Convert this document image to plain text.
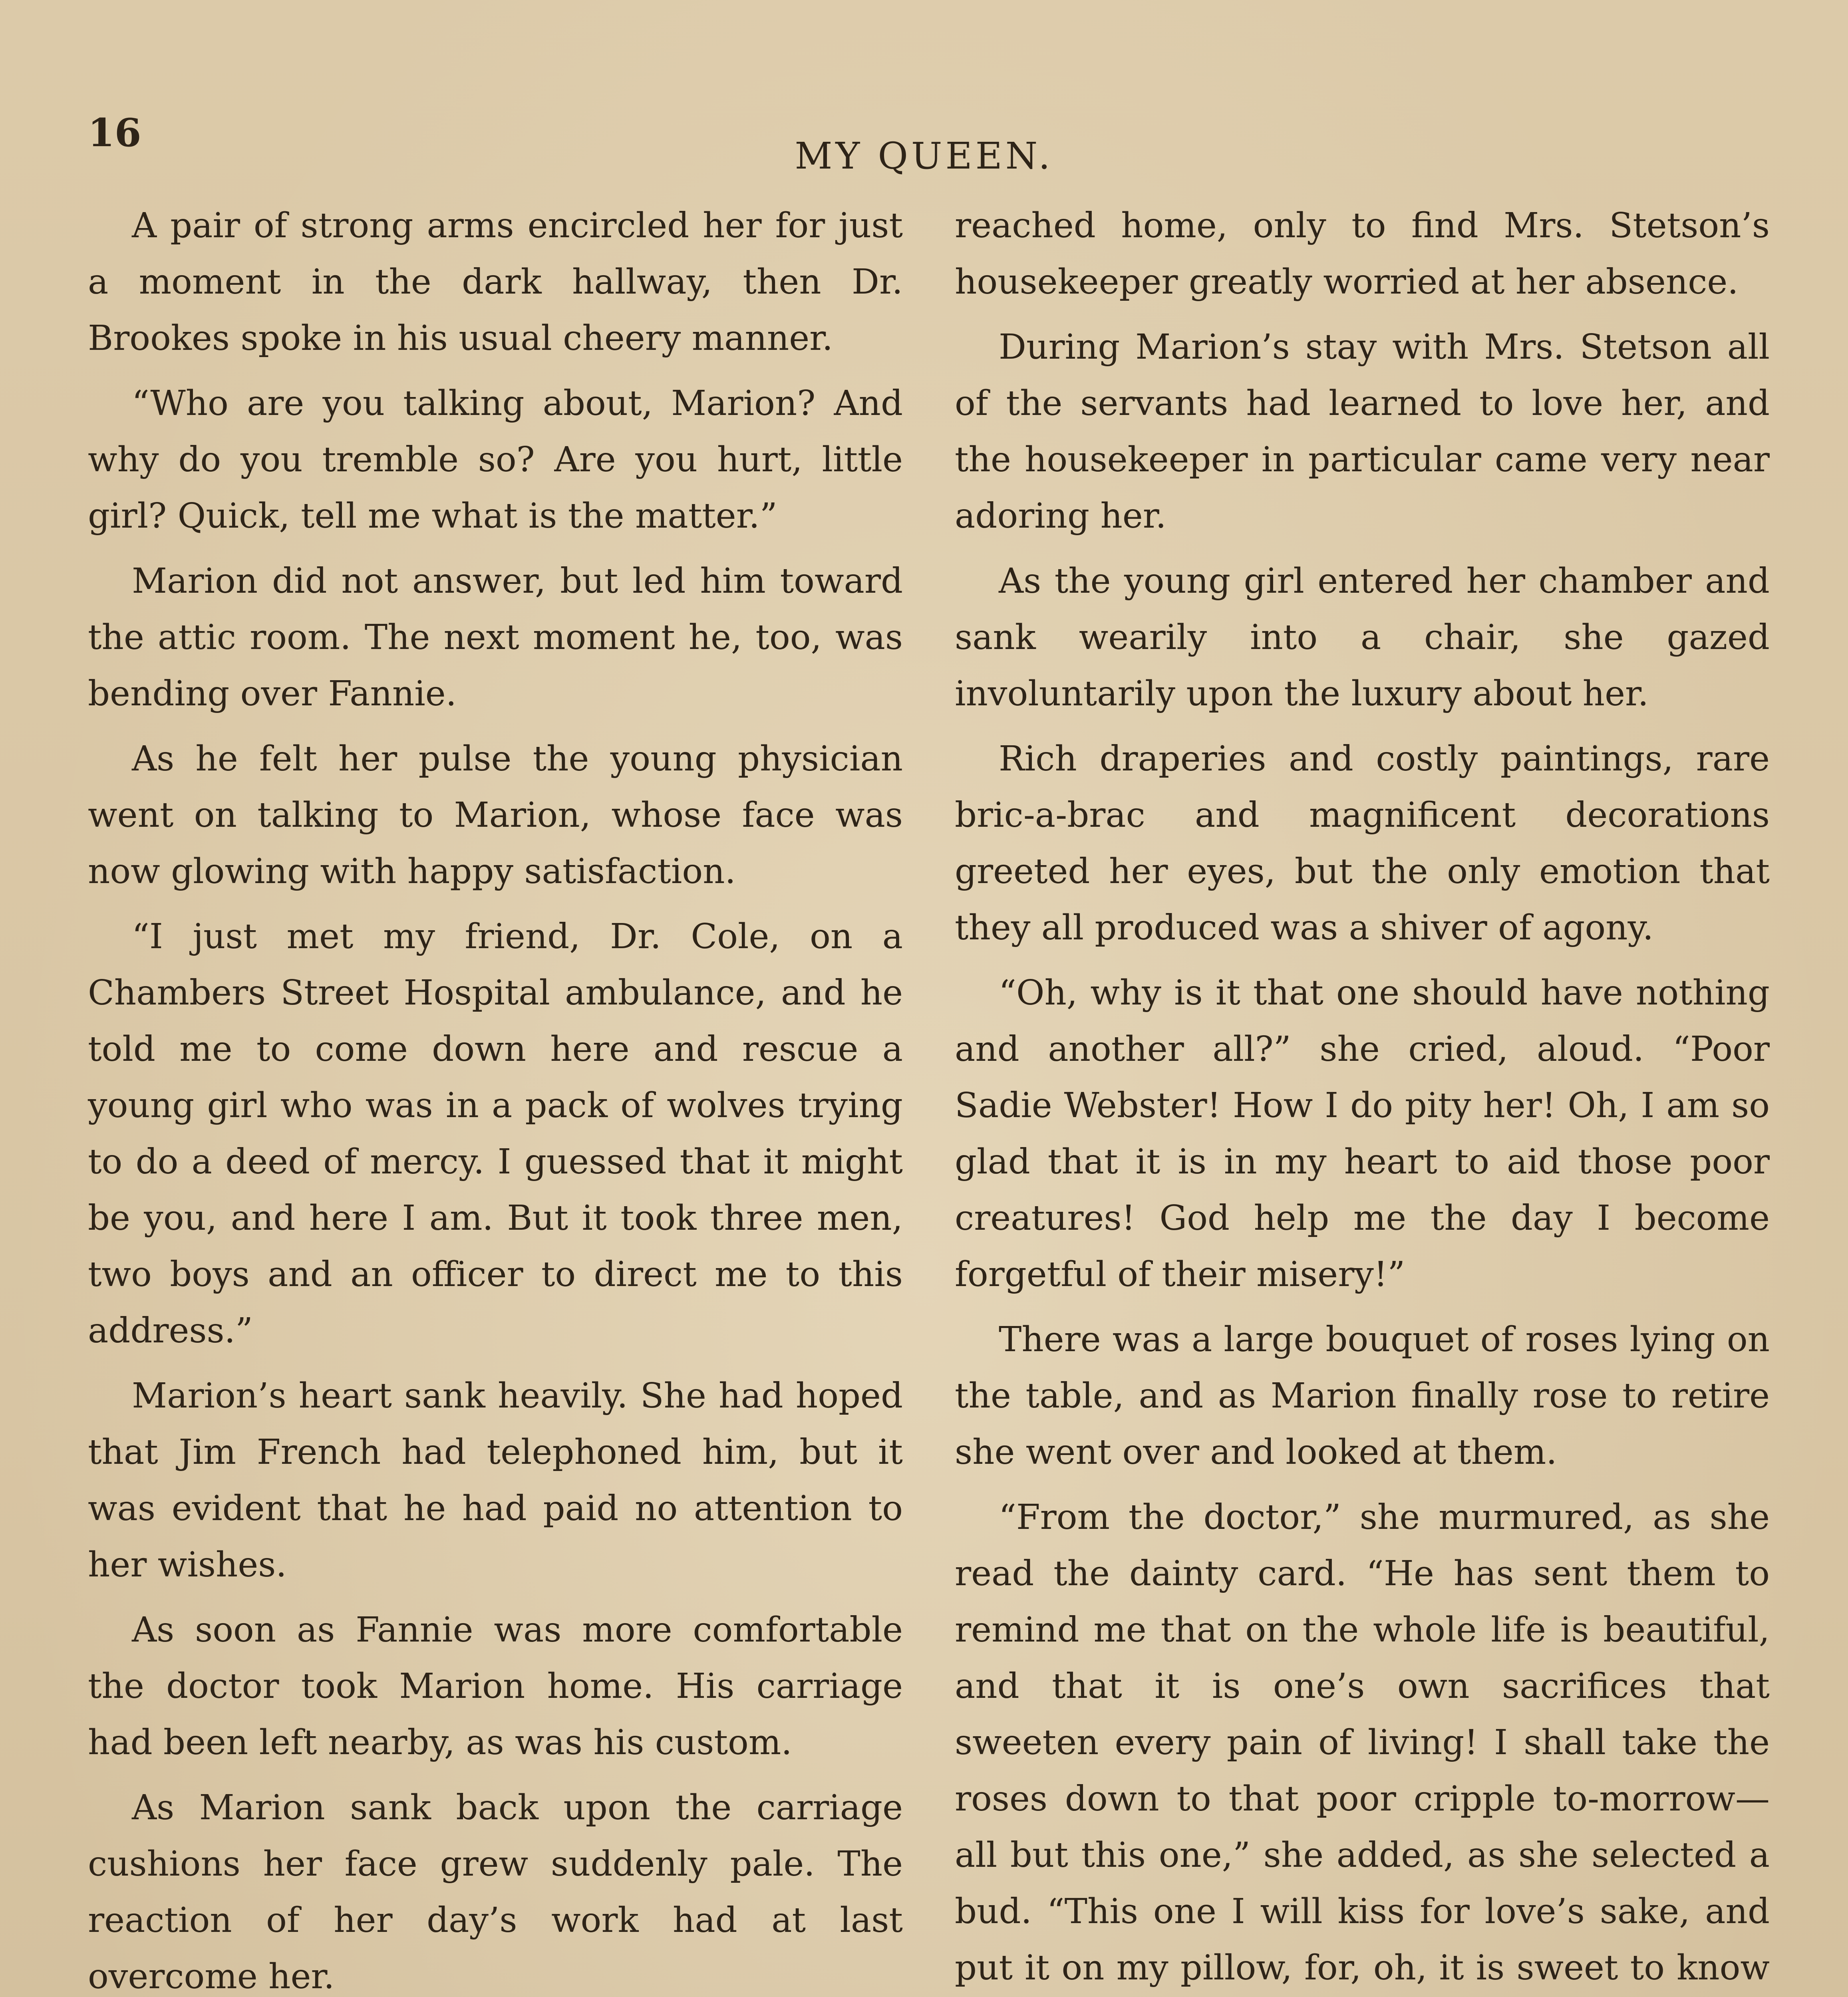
16
MY QUEEN.

A pair of strong arms encircled her for just a moment in the dark hallway, then Dr. Brookes spoke in his usual cheery manner.

“Who are you talking about, Marion? And why do you tremble so? Are you hurt, little girl? Quick, tell me what is the matter.”

Marion did not answer, but led him toward the attic room. The next moment he, too, was bending over Fannie.

As he felt her pulse the young physician went on talking to Marion, whose face was now glowing with happy satisfaction.

“I just met my friend, Dr. Cole, on a Chambers Street Hospital ambulance, and he told me to come down here and rescue a young girl who was in a pack of wolves trying to do a deed of mercy. I guessed that it might be you, and here I am. But it took three men, two boys and an officer to direct me to this address.”

Marion’s heart sank heavily. She had hoped that Jim French had telephoned him, but it was evident that he had paid no attention to her wishes.

As soon as Fannie was more comfortable the doctor took Marion home. His carriage had been left nearby, as was his custom.

As Marion sank back upon the carriage cushions her face grew suddenly pale. The reaction of her day’s work had at last overcome her.

reached home, only to find Mrs. Stetson’s housekeeper greatly worried at her absence.

During Marion’s stay with Mrs. Stetson all of the servants had learned to love her, and the housekeeper in particular came very near adoring her.

As the young girl entered her chamber and sank wearily into a chair, she gazed involuntarily upon the luxury about her.

Rich draperies and costly paintings, rare bric-a-brac and magnificent decorations greeted her eyes, but the only emotion that they all produced was a shiver of agony.

“Oh, why is it that one should have nothing and another all?” she cried, aloud. “Poor Sadie Webster! How I do pity her! Oh, I am so glad that it is in my heart to aid those poor creatures! God help me the day I become forgetful of their misery!”

There was a large bouquet of roses lying on the table, and as Marion finally rose to retire she went over and looked at them.

“From the doctor,” she murmured, as she read the dainty card. “He has sent them to remind me that on the whole life is beautiful, and that it is one’s own sacrifices that sweeten every pain of living! I shall take the roses down to that poor cripple to-morrow—all but this one,” she added, as she selected a bud. “This one I will kiss for love’s sake, and put it on my pillow, for, oh, it is sweet to know
